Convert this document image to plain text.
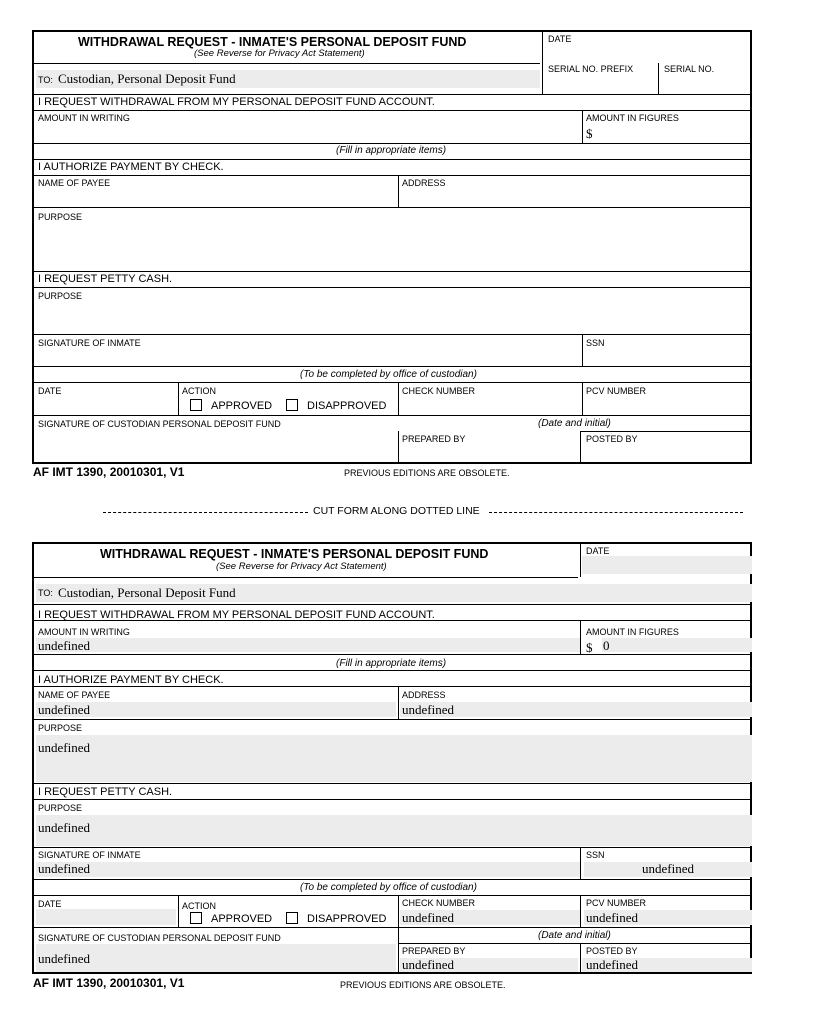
WITHDRAWAL REQUEST - INMATE'S PERSONAL DEPOSIT FUND
(See Reverse for Privacy Act Statement)
DATE
SERIAL NO. PREFIX	SERIAL NO.
TO: Custodian, Personal Deposit Fund
I REQUEST WITHDRAWAL FROM MY PERSONAL DEPOSIT FUND ACCOUNT.
AMOUNT IN WRITING	AMOUNT IN FIGURES
$
(Fill in appropriate items)
I AUTHORIZE PAYMENT BY CHECK.
NAME OF PAYEE	ADDRESS
PURPOSE
I REQUEST PETTY CASH.
PURPOSE
SIGNATURE OF INMATE	SSN
(To be completed by office of custodian)
DATE	ACTION
APPROVED	DISAPPROVED
CHECK NUMBER	PCV NUMBER
SIGNATURE OF CUSTODIAN PERSONAL DEPOSIT FUND	(Date and initial)
PREPARED BY	POSTED BY
AF IMT 1390, 20010301, V1	PREVIOUS EDITIONS ARE OBSOLETE.
CUT FORM ALONG DOTTED LINE
WITHDRAWAL REQUEST - INMATE'S PERSONAL DEPOSIT FUND
(See Reverse for Privacy Act Statement)
DATE
TO: Custodian, Personal Deposit Fund
I REQUEST WITHDRAWAL FROM MY PERSONAL DEPOSIT FUND ACCOUNT.
AMOUNT IN WRITING
undefined
AMOUNT IN FIGURES
$ 0
(Fill in appropriate items)
I AUTHORIZE PAYMENT BY CHECK.
NAME OF PAYEE
undefined
ADDRESS
undefined
PURPOSE
undefined
I REQUEST PETTY CASH.
PURPOSE
undefined
SIGNATURE OF INMATE
undefined
SSN
undefined
(To be completed by office of custodian)
DATE	ACTION
APPROVED	DISAPPROVED
CHECK NUMBER
undefined
PCV NUMBER
undefined
SIGNATURE OF CUSTODIAN PERSONAL DEPOSIT FUND
undefined
(Date and initial)
PREPARED BY
undefined
POSTED BY
undefined
AF IMT 1390, 20010301, V1	PREVIOUS EDITIONS ARE OBSOLETE.
